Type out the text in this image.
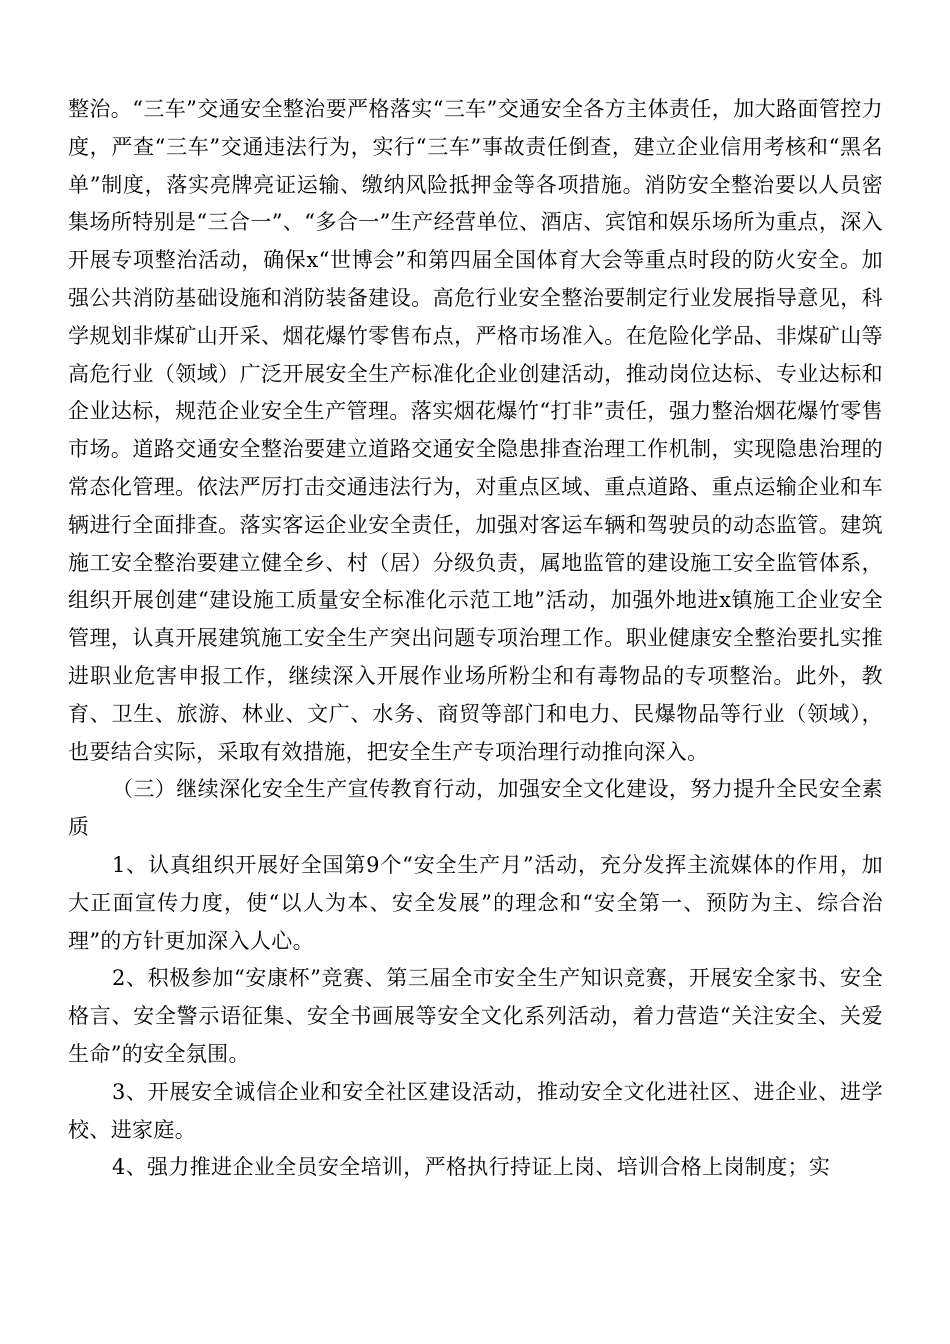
整治。“三车”交通安全整治要严格落实“三车”交通安全各方主体责任，加大路面管控力度，严查“三车”交通违法行为，实行“三车”事故责任倒查，建立企业信用考核和“黑名单”制度，落实亮牌亮证运输、缴纳风险抵押金等各项措施。消防安全整治要以人员密集场所特别是“三合一”、“多合一”生产经营单位、酒店、宾馆和娱乐场所为重点，深入开展专项整治活动，确保x“世博会”和第四届全国体育大会等重点时段的防火安全。加强公共消防基础设施和消防装备建设。高危行业安全整治要制定行业发展指导意见，科学规划非煤矿山开采、烟花爆竹零售布点，严格市场准入。在危险化学品、非煤矿山等高危行业（领域）广泛开展安全生产标准化企业创建活动，推动岗位达标、专业达标和企业达标，规范企业安全生产管理。落实烟花爆竹“打非”责任，强力整治烟花爆竹零售市场。道路交通安全整治要建立道路交通安全隐患排查治理工作机制，实现隐患治理的常态化管理。依法严厉打击交通违法行为，对重点区域、重点道路、重点运输企业和车辆进行全面排查。落实客运企业安全责任，加强对客运车辆和驾驶员的动态监管。建筑施工安全整治要建立健全乡、村（居）分级负责，属地监管的建设施工安全监管体系，组织开展创建“建设施工质量安全标准化示范工地”活动，加强外地进x镇施工企业安全管理，认真开展建筑施工安全生产突出问题专项治理工作。职业健康安全整治要扎实推进职业危害申报工作，继续深入开展作业场所粉尘和有毒物品的专项整治。此外，教育、卫生、旅游、林业、文广、水务、商贸等部门和电力、民爆物品等行业（领域），也要结合实际，采取有效措施，把安全生产专项治理行动推向深入。

（三）继续深化安全生产宣传教育行动，加强安全文化建设，努力提升全民安全素质

1、认真组织开展好全国第9个“安全生产月”活动，充分发挥主流媒体的作用，加大正面宣传力度，使“以人为本、安全发展”的理念和“安全第一、预防为主、综合治理”的方针更加深入人心。

2、积极参加“安康杯”竞赛、第三届全市安全生产知识竞赛，开展安全家书、安全格言、安全警示语征集、安全书画展等安全文化系列活动，着力营造“关注安全、关爱生命”的安全氛围。

3、开展安全诚信企业和安全社区建设活动，推动安全文化进社区、进企业、进学校、进家庭。

4、强力推进企业全员安全培训，严格执行持证上岗、培训合格上岗制度；实
